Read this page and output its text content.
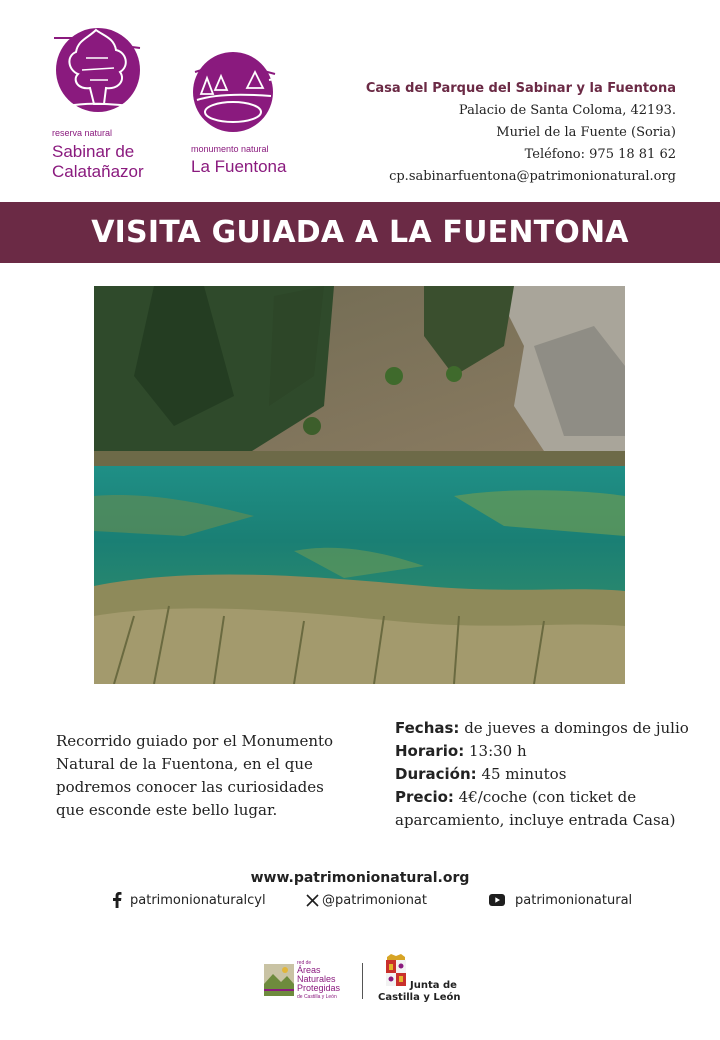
reserva natural
Sabinar de
Calatañazor
monumento natural
La Fuentona
Casa del Parque del Sabinar y la Fuentona
Palacio de Santa Coloma, 42193.
Muriel de la Fuente (Soria)
Teléfono: 975 18 81 62
cp.sabinarfuentona@patrimonionatural.org
VISITA GUIADA A LA FUENTONA
Recorrido guiado por el Monumento Natural de la Fuentona, en el que podremos conocer las curiosidades que esconde este bello lugar.
Fechas: de jueves a domingos de julio
Horario: 13:30 h
Duración: 45 minutos
Precio: 4€/coche (con ticket de aparcamiento, incluye entrada Casa)
www.patrimonionatural.org
patrimonionaturalcyl	@patrimonionat	patrimonionatural
red de
Áreas
Naturales
Protegidas
de Castilla y León
Junta de
Castilla y León
